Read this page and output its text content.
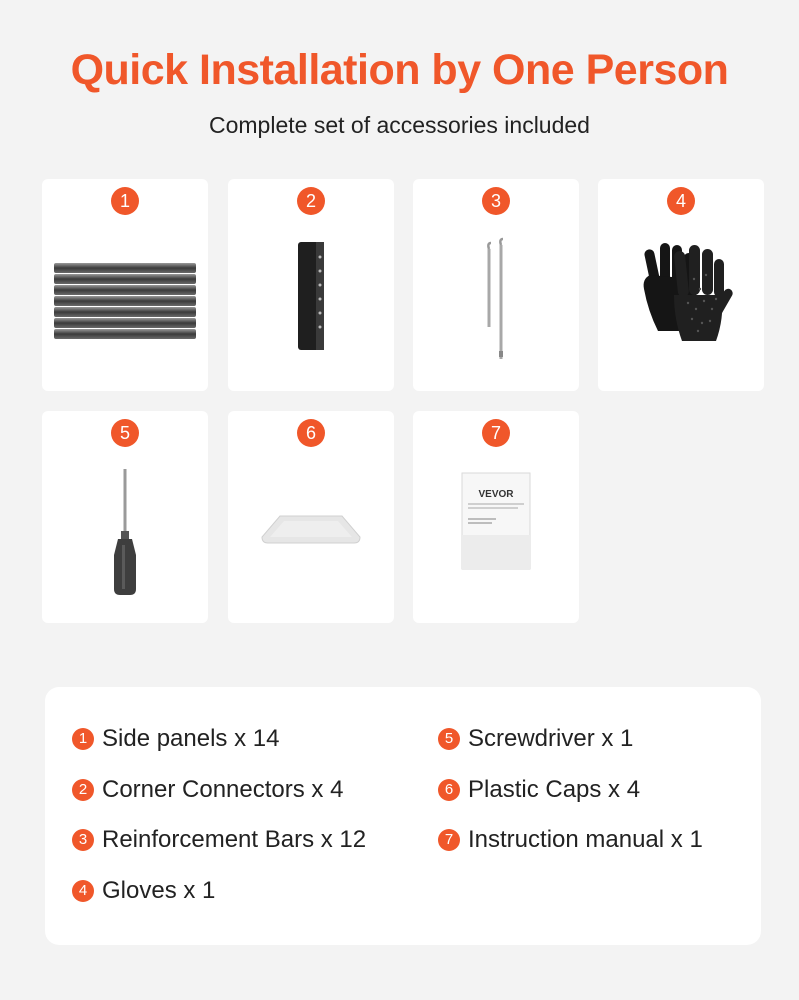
Quick Installation by One Person
Complete set of accessories included
1	2	3	4
5	6	7
VEVOR
1 Side panels x 14
2 Corner Connectors x 4
3 Reinforcement Bars x 12
4 Gloves x 1
5 Screwdriver x 1
6 Plastic Caps x 4
7 Instruction manual x 1
